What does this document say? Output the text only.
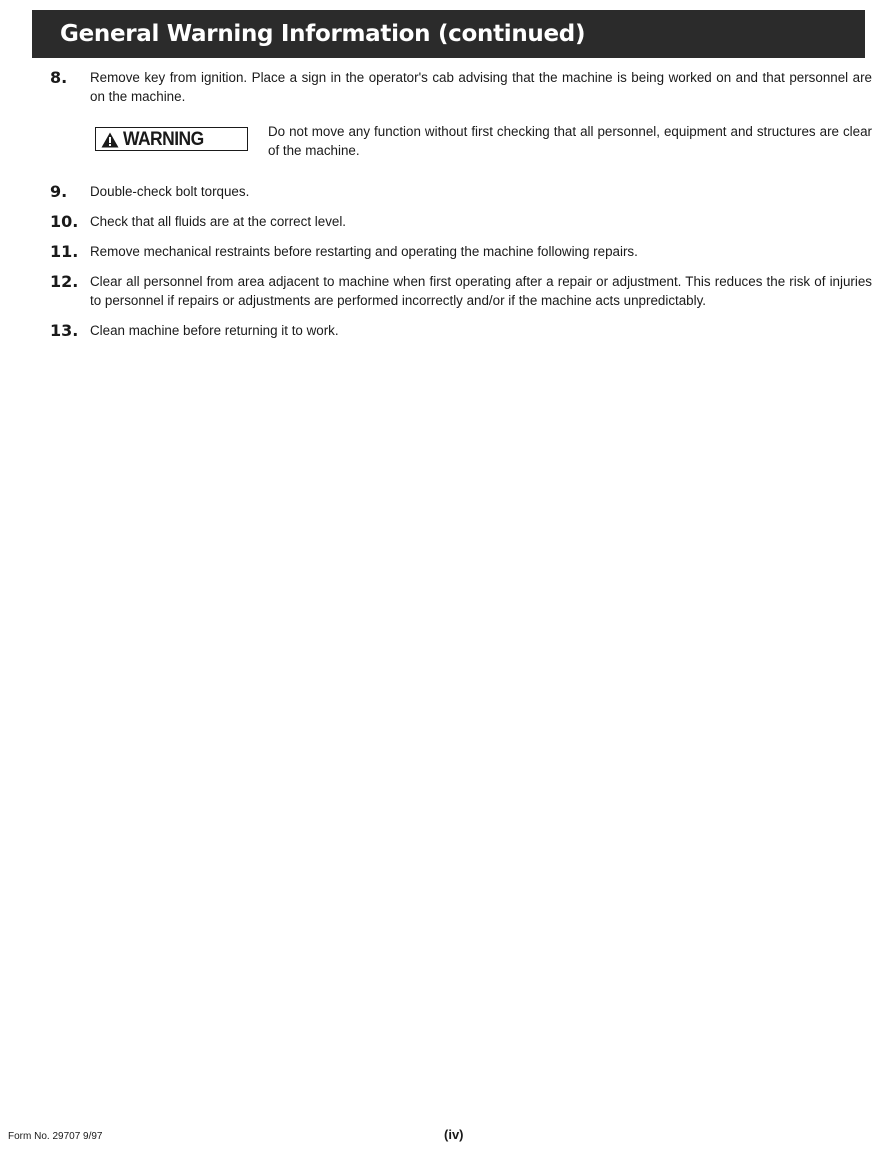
General Warning Information (continued)
8.	Remove key from ignition. Place a sign in the operator's cab advising that the machine is being worked on and that personnel are on the machine.
WARNING	Do not move any function without first checking that all personnel, equipment and structures are clear of the machine.
9.	Double-check bolt torques.
10. Check that all fluids are at the correct level.
11. Remove mechanical restraints before restarting and operating the machine following repairs.
12. Clear all personnel from area adjacent to machine when first operating after a repair or adjustment. This reduces the risk of injuries to personnel if repairs or adjustments are performed incorrectly and/or if the machine acts unpredictably.
13. Clean machine before returning it to work.
Form No. 29707 9/97	(iv)
